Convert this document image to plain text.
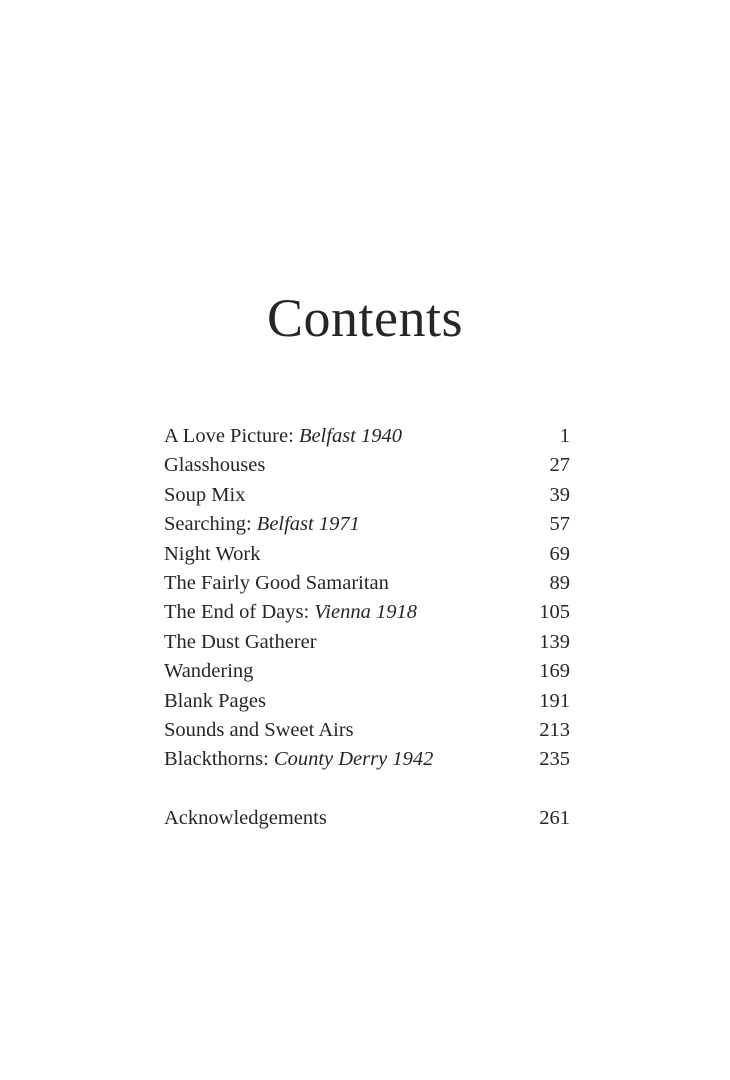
Contents
A Love Picture: Belfast 1940	1
Glasshouses	27
Soup Mix	39
Searching: Belfast 1971	57
Night Work	69
The Fairly Good Samaritan	89
The End of Days: Vienna 1918	105
The Dust Gatherer	139
Wandering	169
Blank Pages	191
Sounds and Sweet Airs	213
Blackthorns: County Derry 1942	235
Acknowledgements	261
